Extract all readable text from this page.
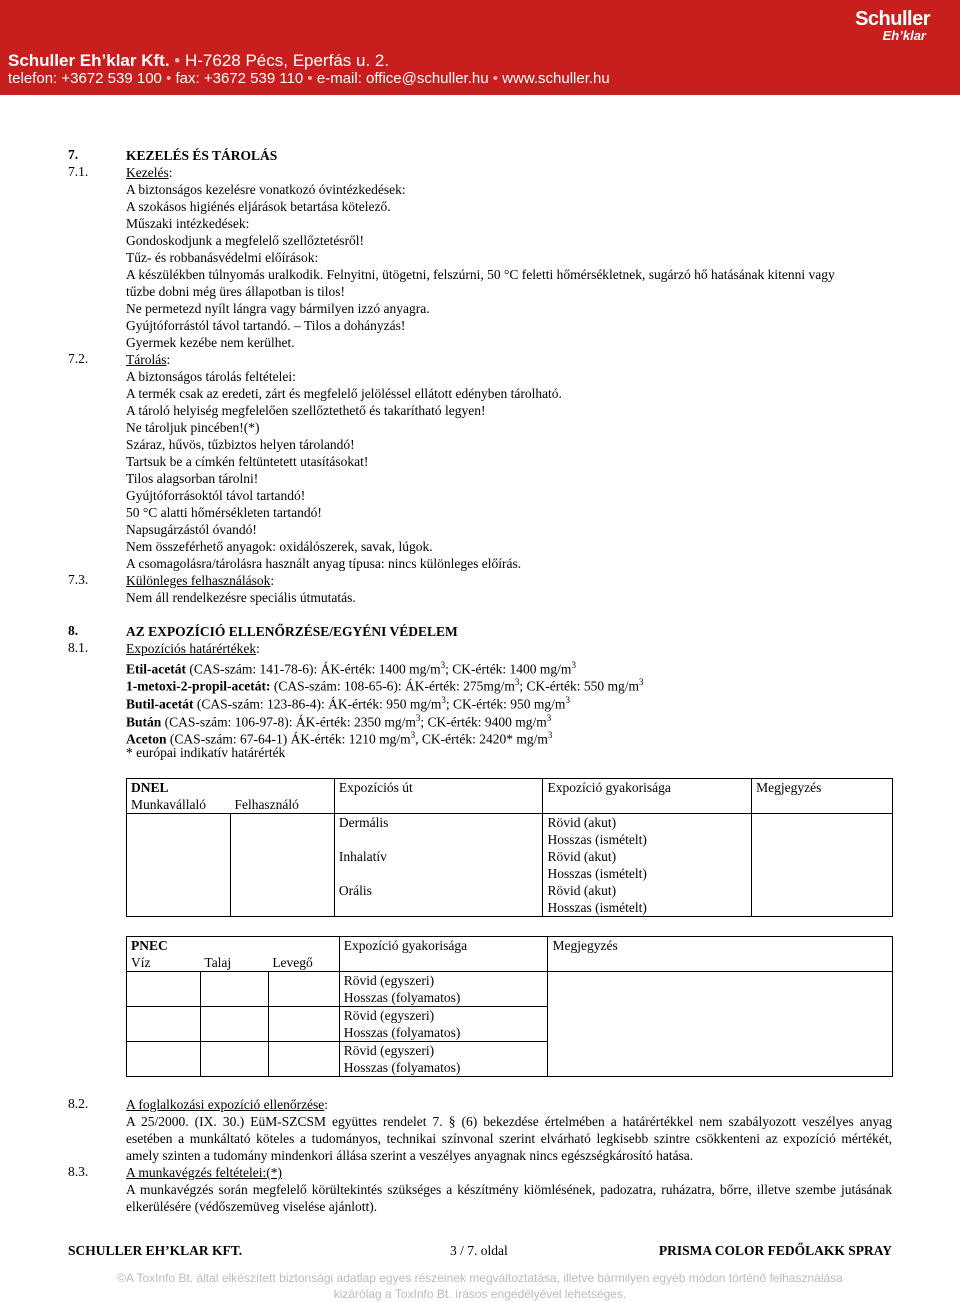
Schuller Eh’klar Kft. • H-7628 Pécs, Eperfás u. 2.
telefon: +3672 539 100 • fax: +3672 539 110 • e-mail: office@schuller.hu • www.schuller.hu
Schuller
Eh’klar
7.	KEZELÉS ÉS TÁROLÁS
7.1.	Kezelés:
A biztonságos kezelésre vonatkozó óvintézkedések:
A szokásos higiénés eljárások betartása kötelező.
Műszaki intézkedések:
Gondoskodjunk a megfelelő szellőztetésről!
Tűz- és robbanásvédelmi előírások:
A készülékben túlnyomás uralkodik. Felnyitni, ütögetni, felszúrni, 50 °C feletti hőmérsékletnek, sugárzó hő hatásának kitenni vagy
tűzbe dobni még üres állapotban is tilos!
Ne permetezd nyílt lángra vagy bármilyen izzó anyagra.
Gyújtóforrástól távol tartandó. – Tilos a dohányzás!
Gyermek kezébe nem kerülhet.
7.2.	Tárolás:
A biztonságos tárolás feltételei:
A termék csak az eredeti, zárt és megfelelő jelöléssel ellátott edényben tárolható.
A tároló helyiség megfelelően szellőztethető és takarítható legyen!
Ne tároljuk pincében!(*)
Száraz, hűvös, tűzbiztos helyen tárolandó!
Tartsuk be a címkén feltüntetett utasításokat!
Tilos alagsorban tárolni!
Gyújtóforrásoktól távol tartandó!
50 °C alatti hőmérsékleten tartandó!
Napsugárzástól óvandó!
Nem összeférhető anyagok: oxidálószerek, savak, lúgok.
A csomagolásra/tárolásra használt anyag típusa: nincs különleges előírás.
7.3.	Különleges felhasználások:
Nem áll rendelkezésre speciális útmutatás.
8.	AZ EXPOZÍCIÓ ELLENŐRZÉSE/EGYÉNI VÉDELEM
8.1.	Expozíciós határértékek:
Etil-acetát (CAS-szám: 141-78-6): ÁK-érték: 1400 $mg/m^3$; CK-érték: 1400 $mg/m^3$
1-metoxi-2-propil-acetát: (CAS-szám: 108-65-6): ÁK-érték: $275mg/m^3$; CK-érték: 550 $mg/m^3$
Butil-acetát (CAS-szám: 123-86-4): ÁK-érték: 950 $mg/m^3$; CK-érték: 950 $mg/m^3$
Bután (CAS-szám: 106-97-8): ÁK-érték: 2350 $mg/m^3$; CK-érték: 9400 $mg/m^3$
Aceton (CAS-szám: 67-64-1) ÁK-érték: 1210 $mg/m^3$, CK-érték: 2420* $mg/m^3$
* európai indikatív határérték
DNEL		Expozíciós út	Expozíció gyakorisága	Megjegyzés
Munkavállaló	Felhasználó			
		Dermális	Rövid (akut)
Hosszas (ismételt)	
		Inhalatív	Rövid (akut)
Hosszas (ismételt)	
		Orális	Rövid (akut)
Hosszas (ismételt)	
PNEC			Expozíció gyakorisága	Megjegyzés
Víz	Talaj	Levegő		
			Rövid (egyszeri)
Hosszas (folyamatos)	
			Rövid (egyszeri)
Hosszas (folyamatos)	
			Rövid (egyszeri)
Hosszas (folyamatos)	
8.2.	A foglalkozási expozíció ellenőrzése:
A 25/2000. (IX. 30.) EüM-SZCSM együttes rendelet 7. § (6) bekezdése értelmében a határértékkel nem szabályozott veszélyes anyag esetében a munkáltató köteles a tudományos, technikai színvonal szerint elvárható legkisebb szintre csökkenteni az expozíció mértékét, amely szinten a tudomány mindenkori állása szerint a veszélyes anyagnak nincs egészségkárosító hatása.
8.3.	A munkavégzés feltételei:(*)
A munkavégzés során megfelelő körültekintés szükséges a készítmény kiömlésének, padozatra, ruházatra, bőrre, illetve szembe jutásának elkerülésére (védőszemüveg viselése ajánlott).
SCHULLER EH’KLAR KFT.	3 / 7. oldal	PRISMA COLOR FEDŐLAKK SPRAY
©A ToxInfo Bt. által elkészített biztonsági adatlap egyes részeinek megváltoztatása, illetve bármilyen egyéb módon történő felhasználása
kizárólag a ToxInfo Bt. írásos engedélyével lehetséges.
